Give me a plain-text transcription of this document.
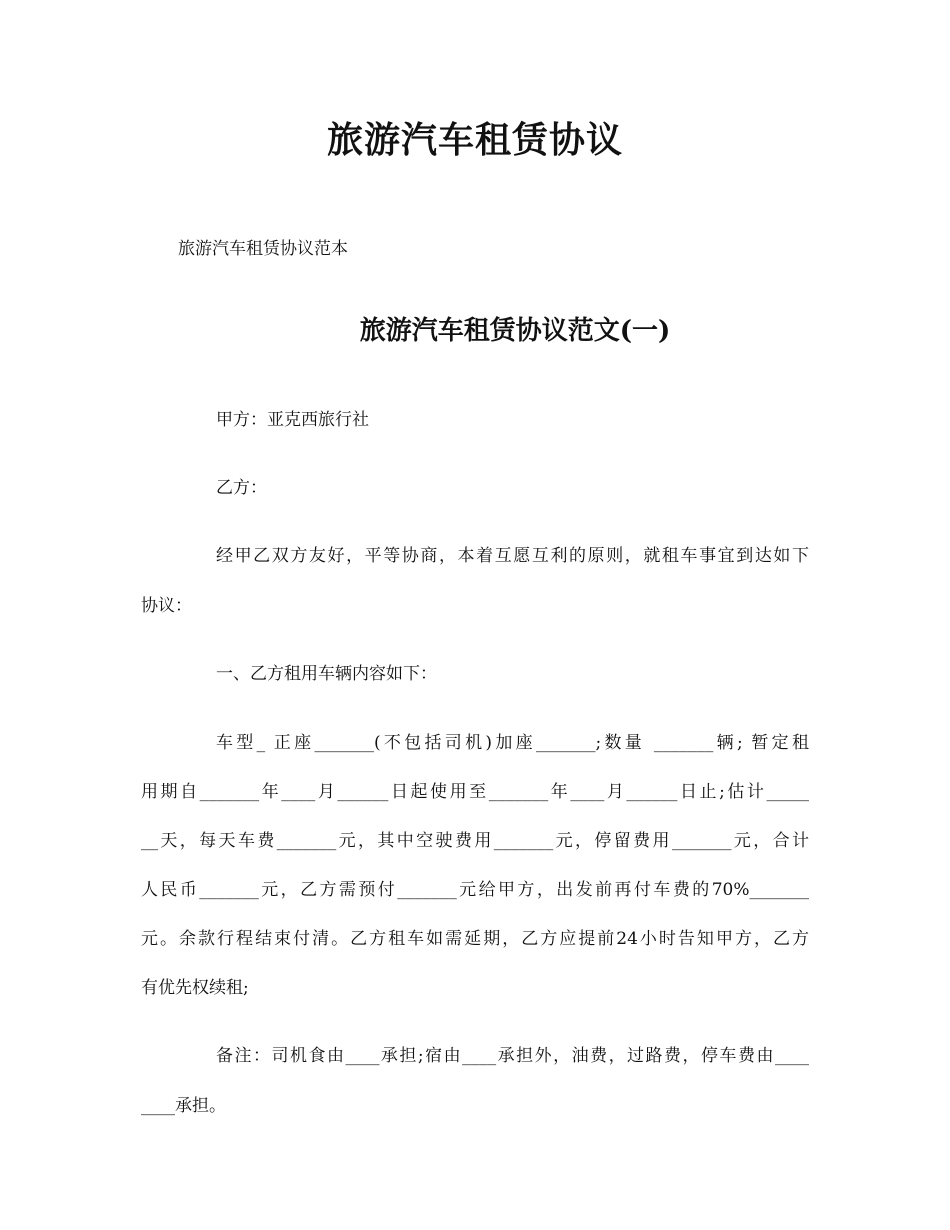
旅游汽车租赁协议
旅游汽车租赁协议范本
旅游汽车租赁协议范文(一)
甲方：亚克西旅行社
乙方：
经甲乙双方友好，平等协商，本着互愿互利的原则，就租车事宜到达如下
协议：
一、乙方租用车辆内容如下：
车型_ 正座_______(不包括司机)加座_______;数量 _______辆; 暂定租
用期自_______年____月______日起使用至_______年____月______日止;估计_____
__天，每天车费_______元，其中空驶费用_______元，停留费用_______元，合计
人民币_______元，乙方需预付_______元给甲方，出发前再付车费的70%_______
元。余款行程结束付清。乙方租车如需延期，乙方应提前24小时告知甲方，乙方
有优先权续租;
备注：司机食由____承担;宿由____承担外，油费，过路费，停车费由____
____承担。
